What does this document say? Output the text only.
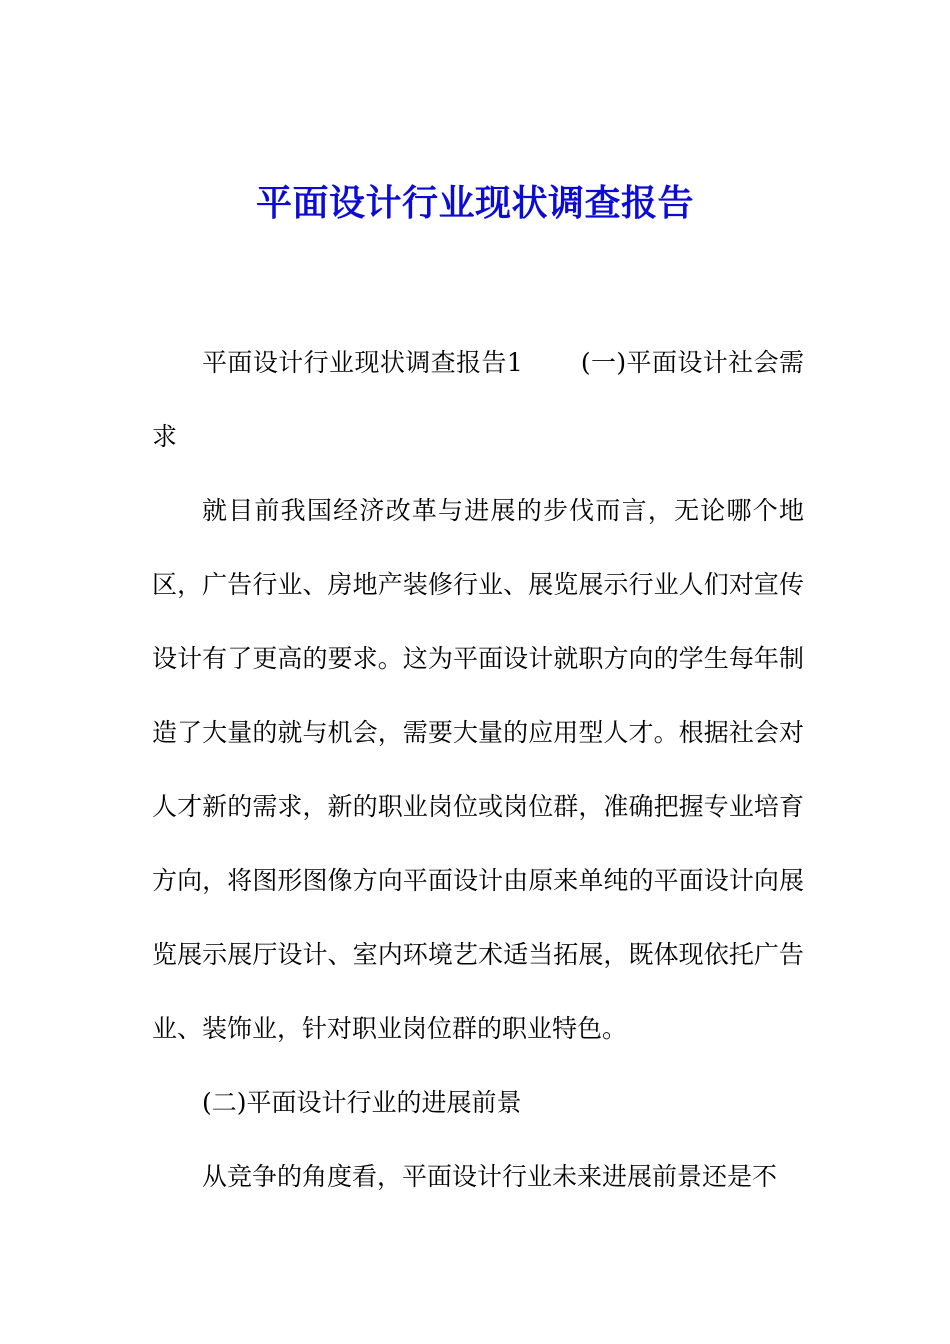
平面设计行业现状调查报告

平面设计行业现状调查报告1 (一)平面设计社会需求

就目前我国经济改革与进展的步伐而言，无论哪个地区，广告行业、房地产装修行业、展览展示行业人们对宣传设计有了更高的要求。这为平面设计就职方向的学生每年制造了大量的就与机会，需要大量的应用型人才。根据社会对人才新的需求，新的职业岗位或岗位群，准确把握专业培育方向，将图形图像方向平面设计由原来单纯的平面设计向展览展示展厅设计、室内环境艺术适当拓展，既体现依托广告业、装饰业，针对职业岗位群的职业特色。

(二)平面设计行业的进展前景

从竞争的角度看，平面设计行业未来进展前景还是不
